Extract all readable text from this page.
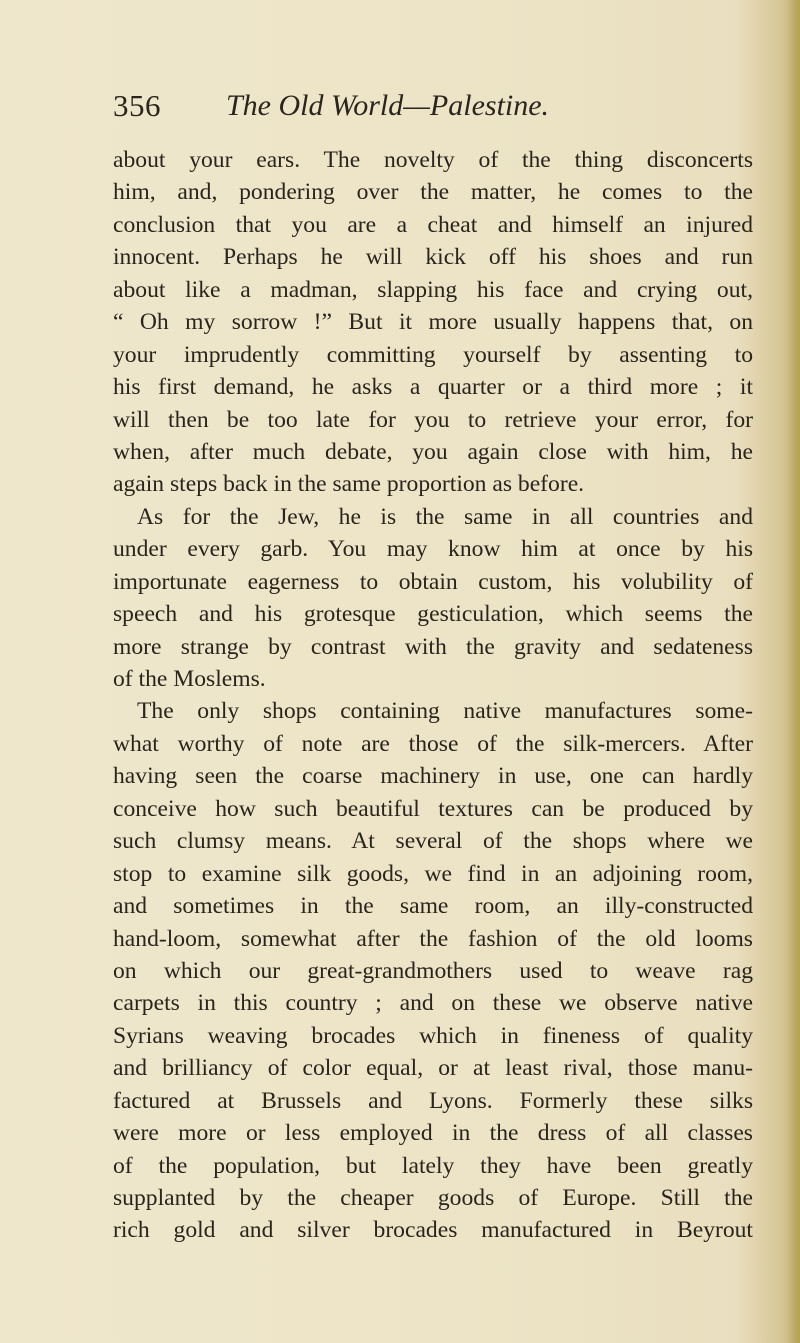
356 The Old World—Palestine.
about your ears. The novelty of the thing disconcerts
him, and, pondering over the matter, he comes to the
conclusion that you are a cheat and himself an injured
innocent. Perhaps he will kick off his shoes and run
about like a madman, slapping his face and crying out,
“ Oh my sorrow !” But it more usually happens that, on
your imprudently committing yourself by assenting to
his first demand, he asks a quarter or a third more ; it
will then be too late for you to retrieve your error, for
when, after much debate, you again close with him, he
again steps back in the same proportion as before.
As for the Jew, he is the same in all countries and
under every garb. You may know him at once by his
importunate eagerness to obtain custom, his volubility of
speech and his grotesque gesticulation, which seems the
more strange by contrast with the gravity and sedateness
of the Moslems.
The only shops containing native manufactures some-
what worthy of note are those of the silk-mercers. After
having seen the coarse machinery in use, one can hardly
conceive how such beautiful textures can be produced by
such clumsy means. At several of the shops where we
stop to examine silk goods, we find in an adjoining room,
and sometimes in the same room, an illy-constructed
hand-loom, somewhat after the fashion of the old looms
on which our great-grandmothers used to weave rag
carpets in this country ; and on these we observe native
Syrians weaving brocades which in fineness of quality
and brilliancy of color equal, or at least rival, those manu-
factured at Brussels and Lyons. Formerly these silks
were more or less employed in the dress of all classes
of the population, but lately they have been greatly
supplanted by the cheaper goods of Europe. Still the
rich gold and silver brocades manufactured in Beyrout
